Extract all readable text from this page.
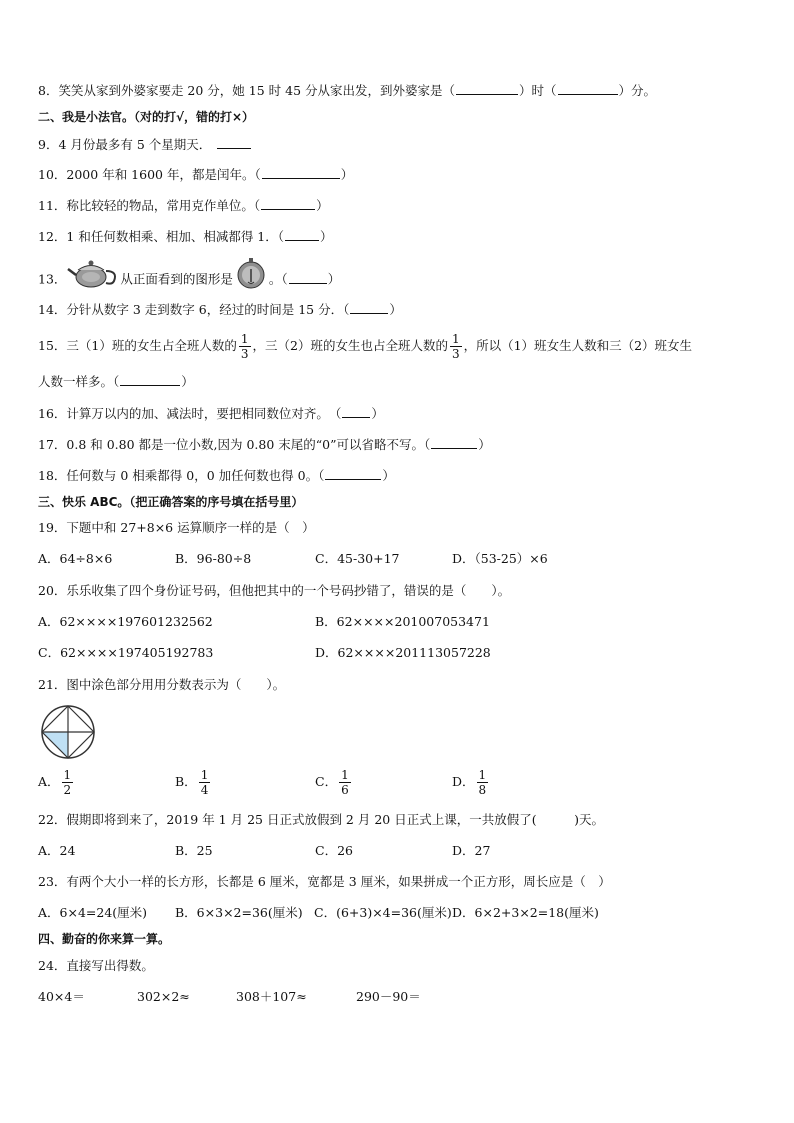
8．笑笑从家到外婆家要走 20 分，她 15 时 45 分从家出发，到外婆家是（	）时（	）分。
二、我是小法官。（对的打√，错的打×）
9．4 月份最多有 5 个星期天．
10．2000 年和 1600 年，都是闰年。（	）
11．称比较轻的物品，常用克作单位。（	）
12．1 和任何数相乘、相加、相减都得 1．（	）
13．	从正面看到的图形是	。（	）
14．分针从数字 3 走到数字 6，经过的时间是 15 分．（	）
15．三（1）班的女生占全班人数的 $\frac{1}{3}$ ，三（2）班的女生也占全班人数的 $\frac{1}{3}$ ，所以（1）班女生人数和三（2）班女生
人数一样多。（	）
16．计算万以内的加、减法时，要把相同数位对齐。　（ ）
17．0.8 和 0.80 都是一位小数,因为 0.80 末尾的“0”可以省略不写。（	）
18．任何数与 0 相乘都得 0，0 加任何数也得 0。（	）
三、快乐 ABC。（把正确答案的序号填在括号里）
19．下题中和 27+8×6 运算顺序一样的是（　）
A．64÷8×6	B．96-80÷8	C．45-30+17	D．（53-25）×6
20．乐乐收集了四个身份证号码，但他把其中的一个号码抄错了，错误的是（　　）。
A．62××××197601232562	B．62××××201007053471
C．62××××197405192783	D．62××××201113057228
21．图中涂色部分用用分数表示为（　　）。
A． $\frac{1}{2}$	B． $\frac{1}{4}$	C． $\frac{1}{6}$	D． $\frac{1}{8}$
22．假期即将到来了，2019 年 1 月 25 日正式放假到 2 月 20 日正式上课，一共放假了(　　　)天。
A．24	B．25	C．26	D．27
23．有两个大小一样的长方形，长都是 6 厘米，宽都是 3 厘米，如果拼成一个正方形，周长应是（　）
A．6×4=24(厘米) B．6×3×2=36(厘米) C．(6+3)×4=36(厘米) D．6×2+3×2=18(厘米)
四、勤奋的你来算一算。
24．直接写出得数。
40×4＝	302×2≈	308＋107≈	290－90＝
